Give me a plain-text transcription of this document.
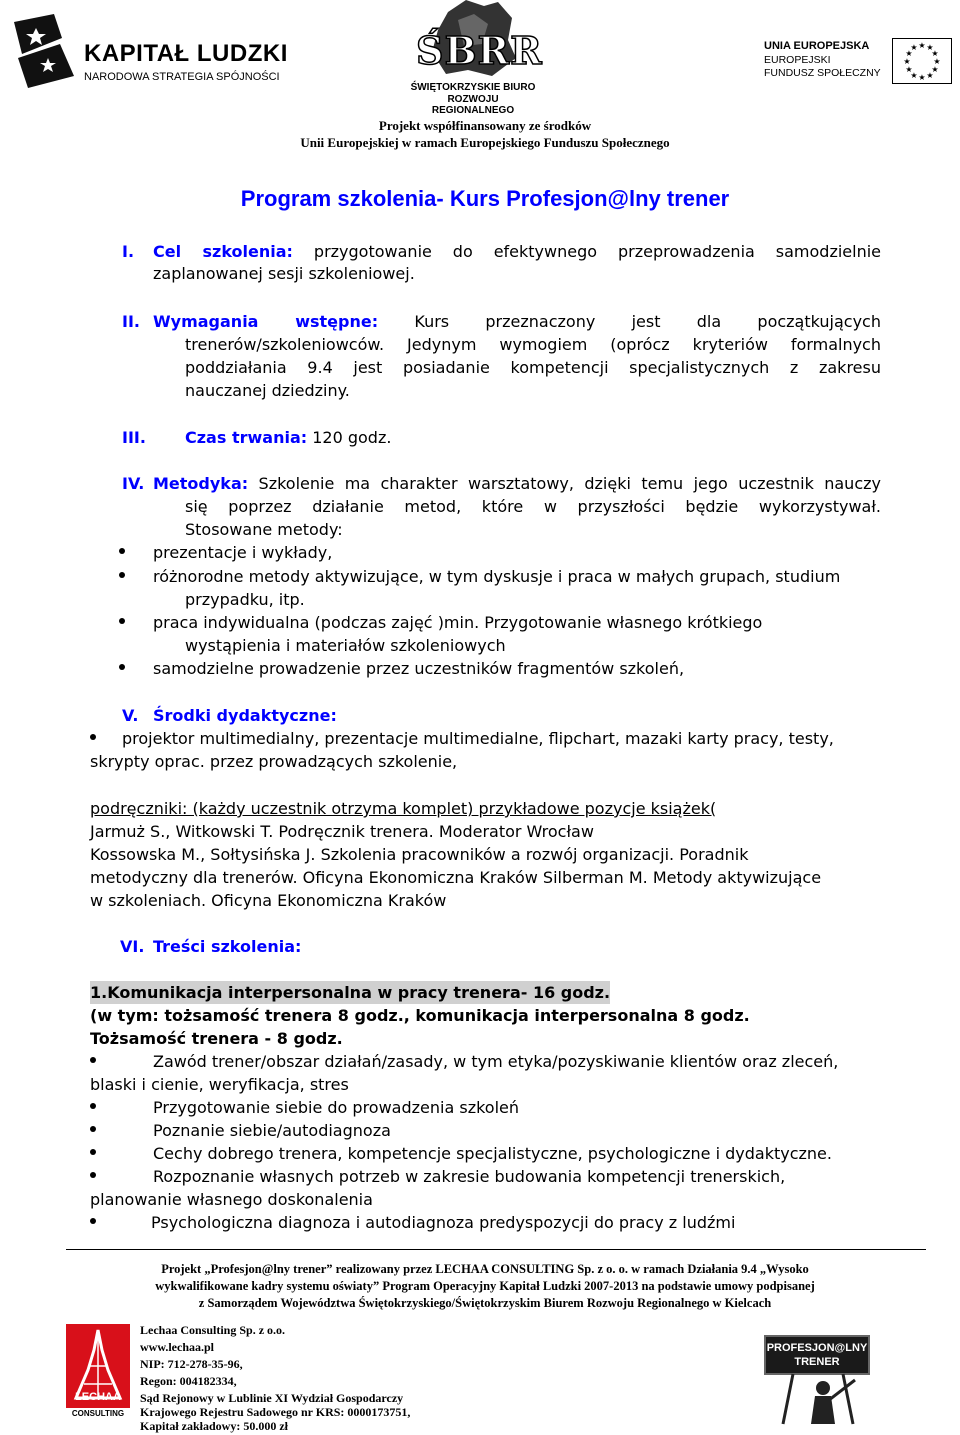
KAPITAŁ LUDZKI
NARODOWA STRATEGIA SPÓJNOŚCI
ŚBRR
ŚWIĘTOKRZYSKIE BIURO
ROZWOJU REGIONALNEGO
UNIA EUROPEJSKA
EUROPEJSKI
FUNDUSZ SPOŁECZNY
★ ★
★
★
★
★
★
★
★
★
★
★
Projekt współfinansowany ze środków
Unii Europejskiej w ramach Europejskiego Funduszu Społecznego
Program szkolenia- Kurs Profesjon@lny trener
I. Cel szkolenia: przygotowanie do efektywnego przeprowadzenia samodzielnie
zaplanowanej sesji szkoleniowej.
II. Wymagania wstępne: Kurs przeznaczony jest dla początkujących
trenerów/szkoleniowców. Jedynym wymogiem (oprócz kryteriów formalnych
poddziałania 9.4 jest posiadanie kompetencji specjalistycznych z zakresu
nauczanej dziedziny.
III. Czas trwania: 120 godz.
IV. Metodyka: Szkolenie ma charakter warsztatowy, dzięki temu jego uczestnik nauczy
się poprzez działanie metod, które w przyszłości będzie wykorzystywał.
Stosowane metody:
prezentacje i wykłady,
różnorodne metody aktywizujące, w tym dyskusje i praca w małych grupach, studium
przypadku, itp.
praca indywidualna (podczas zajęć )min. Przygotowanie własnego krótkiego
wystąpienia i materiałów szkoleniowych
samodzielne prowadzenie przez uczestników fragmentów szkoleń,
V. Środki dydaktyczne:
projektor multimedialny, prezentacje multimedialne, flipchart, mazaki karty pracy, testy,
skrypty oprac. przez prowadzących szkolenie,
podręczniki: (każdy uczestnik otrzyma komplet) przykładowe pozycje książek(
Jarmuż S., Witkowski T. Podręcznik trenera. Moderator Wrocław
Kossowska M., Sołtysińska J. Szkolenia pracowników a rozwój organizacji. Poradnik
metodyczny dla trenerów. Oficyna Ekonomiczna Kraków Silberman M. Metody aktywizujące
w szkoleniach. Oficyna Ekonomiczna Kraków
VI. Treści szkolenia:
1.Komunikacja interpersonalna w pracy trenera- 16 godz.
(w tym: tożsamość trenera 8 godz., komunikacja interpersonalna 8 godz.
Tożsamość trenera - 8 godz.
Zawód trener/obszar działań/zasady, w tym etyka/pozyskiwanie klientów oraz zleceń,
blaski i cienie, weryfikacja, stres
Przygotowanie siebie do prowadzenia szkoleń
Poznanie siebie/autodiagnoza
Cechy dobrego trenera, kompetencje specjalistyczne, psychologiczne i dydaktyczne.
Rozpoznanie własnych potrzeb w zakresie budowania kompetencji trenerskich,
planowanie własnego doskonalenia
Psychologiczna diagnoza i autodiagnoza predyspozycji do pracy z ludźmi
Projekt „Profesjon@lny trener” realizowany przez LECHAA CONSULTING Sp. z o. o. w ramach Działania 9.4 „Wysoko
wykwalifikowane kadry systemu oświaty” Program Operacyjny Kapitał Ludzki 2007-2013 na podstawie umowy podpisanej
z Samorządem Województwa Świętokrzyskiego/Świętokrzyskim Biurem Rozwoju Regionalnego w Kielcach
LECHAA
CONSULTING
Lechaa Consulting Sp. z o.o.
www.lechaa.pl
NIP: 712-278-35-96,
Regon: 004182334,
Sąd Rejonowy w Lublinie XI Wydział Gospodarczy
Krajowego Rejestru Sadowego nr KRS: 0000173751,
Kapitał zakładowy: 50.000 zł
PROFESJON@LNY
TRENER
